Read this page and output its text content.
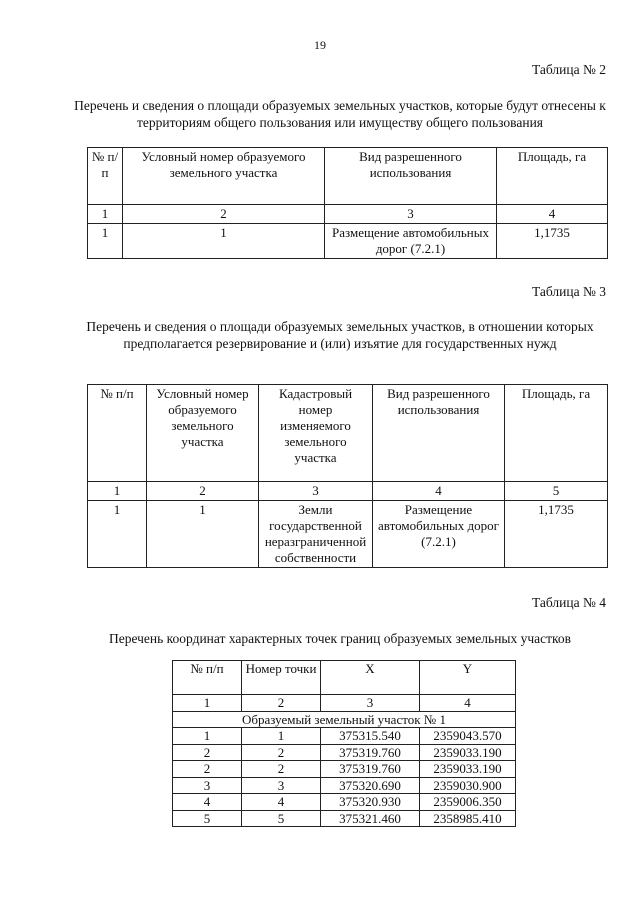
19
Таблица № 2
Перечень и сведения о площади образуемых земельных участков, которые будут отнесены к территориям общего пользования или имуществу общего пользования
№ п/п	Условный номер образуемого земельного участка	Вид разрешенного использования	Площадь, га
1	2	3	4
1	1	Размещение автомобильных дорог (7.2.1)	1,1735
Таблица № 3
Перечень и сведения о площади образуемых земельных участков, в отношении которых предполагается резервирование и (или) изъятие для государственных нужд
№ п/п	Условный номер образуемого земельного участка	Кадастровый номер изменяемого земельного участка	Вид разрешенного использования	Площадь, га
1	2	3	4	5
1	1	Земли государственной неразграниченной собственности	Размещение автомобильных дорог (7.2.1)	1,1735
Таблица № 4
Перечень координат характерных точек границ образуемых земельных участков
№ п/п	Номер точки	X	Y
1	2	3	4
Образуемый земельный участок № 1			
1	1	375315.540	2359043.570
2	2	375319.760	2359033.190
2	2	375319.760	2359033.190
3	3	375320.690	2359030.900
4	4	375320.930	2359006.350
5	5	375321.460	2358985.410
